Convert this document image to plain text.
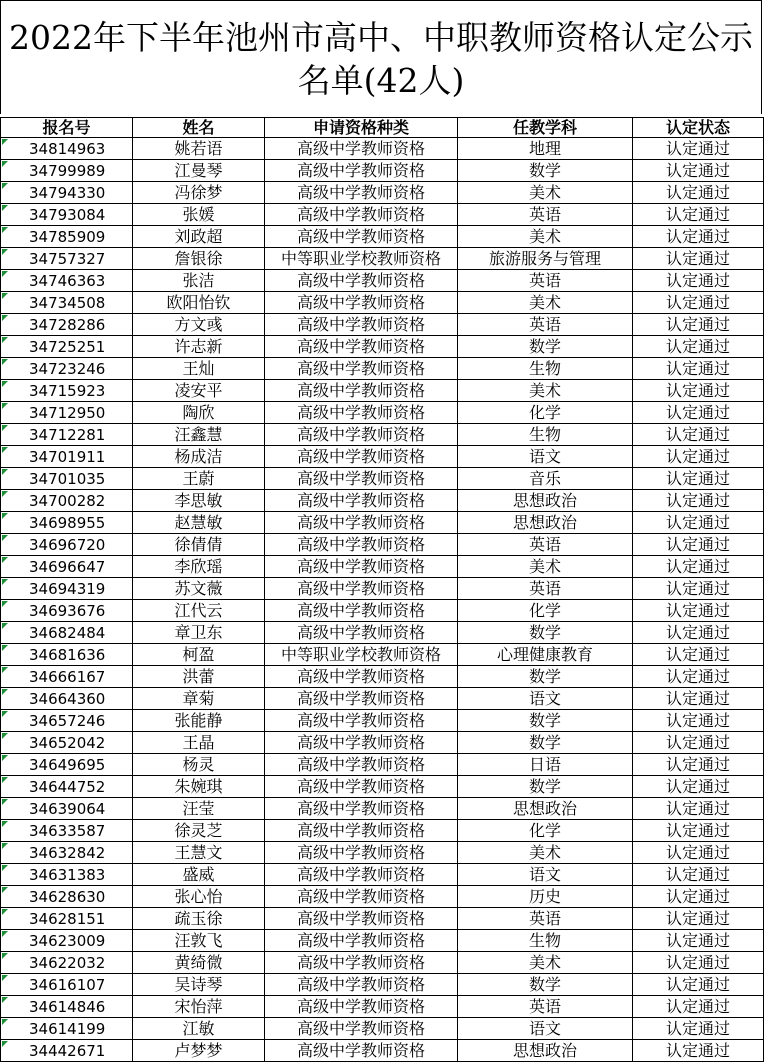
2022年下半年池州市高中、中职教师资格认定公示
名单(42人)
报名号	姓名	申请资格种类	任教学科	认定状态
34814963	姚若语	高级中学教师资格	地理	认定通过
34799989	江曼琴	高级中学教师资格	数学	认定通过
34794330	冯徐梦	高级中学教师资格	美术	认定通过
34793084	张媛	高级中学教师资格	英语	认定通过
34785909	刘政超	高级中学教师资格	美术	认定通过
34757327	詹银徐	中等职业学校教师资格	旅游服务与管理	认定通过
34746363	张洁	高级中学教师资格	英语	认定通过
34734508	欧阳怡钦	高级中学教师资格	美术	认定通过
34728286	方文彧	高级中学教师资格	英语	认定通过
34725251	许志新	高级中学教师资格	数学	认定通过
34723246	王灿	高级中学教师资格	生物	认定通过
34715923	凌安平	高级中学教师资格	美术	认定通过
34712950	陶欣	高级中学教师资格	化学	认定通过
34712281	汪鑫慧	高级中学教师资格	生物	认定通过
34701911	杨成洁	高级中学教师资格	语文	认定通过
34701035	王蔚	高级中学教师资格	音乐	认定通过
34700282	李思敏	高级中学教师资格	思想政治	认定通过
34698955	赵慧敏	高级中学教师资格	思想政治	认定通过
34696720	徐倩倩	高级中学教师资格	英语	认定通过
34696647	李欣瑶	高级中学教师资格	美术	认定通过
34694319	苏文薇	高级中学教师资格	英语	认定通过
34693676	江代云	高级中学教师资格	化学	认定通过
34682484	章卫东	高级中学教师资格	数学	认定通过
34681636	柯盈	中等职业学校教师资格	心理健康教育	认定通过
34666167	洪蕾	高级中学教师资格	数学	认定通过
34664360	章菊	高级中学教师资格	语文	认定通过
34657246	张能静	高级中学教师资格	数学	认定通过
34652042	王晶	高级中学教师资格	数学	认定通过
34649695	杨灵	高级中学教师资格	日语	认定通过
34644752	朱婉琪	高级中学教师资格	数学	认定通过
34639064	汪莹	高级中学教师资格	思想政治	认定通过
34633587	徐灵芝	高级中学教师资格	化学	认定通过
34632842	王慧文	高级中学教师资格	美术	认定通过
34631383	盛威	高级中学教师资格	语文	认定通过
34628630	张心怡	高级中学教师资格	历史	认定通过
34628151	疏玉徐	高级中学教师资格	英语	认定通过
34623009	汪敦飞	高级中学教师资格	生物	认定通过
34622032	黄绮微	高级中学教师资格	美术	认定通过
34616107	吴诗琴	高级中学教师资格	数学	认定通过
34614846	宋怡萍	高级中学教师资格	英语	认定通过
34614199	江敏	高级中学教师资格	语文	认定通过
34442671	卢梦梦	高级中学教师资格	思想政治	认定通过
